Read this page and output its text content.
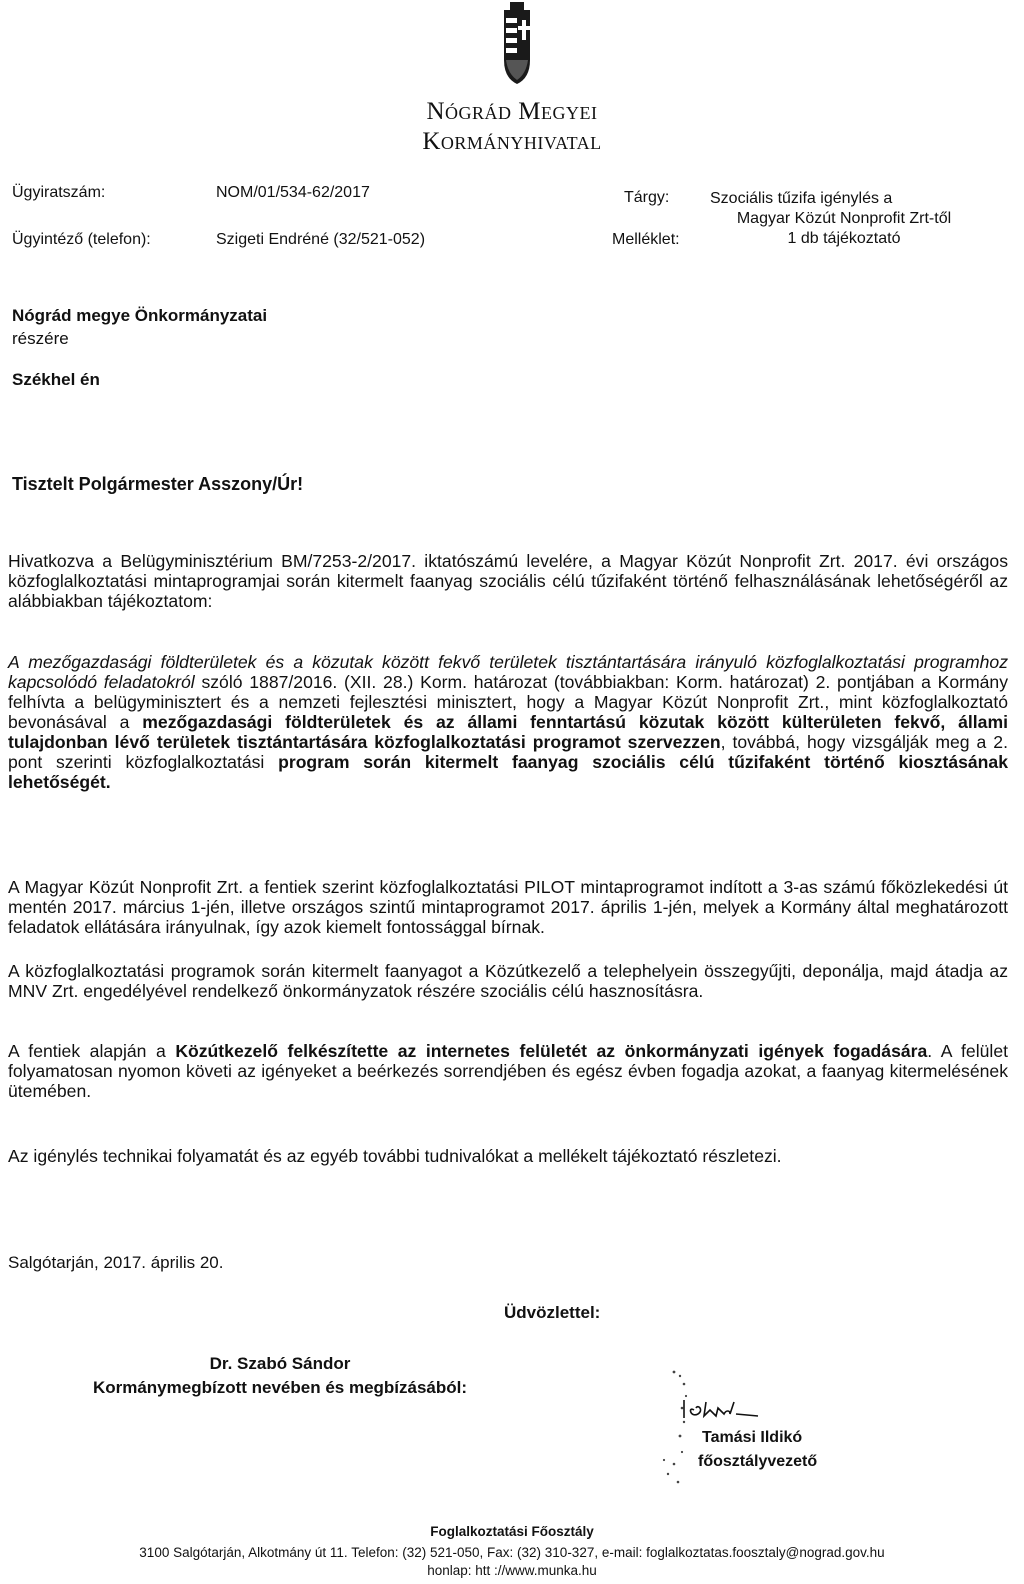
Nógrád Megyei
Kormányhivatal
Ügyiratszám:	NOM/01/534-62/2017
Ügyintéző (telefon):	Szigeti Endréné (32/521-052)
Tárgy:	Szociális tűzifa igénylés a
Magyar Közút Nonprofit Zrt-től
Melléklet:	1 db tájékoztató
Nógrád megye Önkormányzatai
részére
Székhel én
Tisztelt Polgármester Asszony/Úr!
Hivatkozva a Belügyminisztérium BM/7253-2/2017. iktatószámú levelére, a Magyar Közút Nonprofit Zrt. 2017. évi országos közfoglalkoztatási mintaprogramjai során kitermelt faanyag szociális célú tűzifaként történő felhasználásának lehetőségéről az alábbiakban tájékoztatom:
A mezőgazdasági földterületek és a közutak között fekvő területek tisztántartására irányuló közfoglalkoztatási programhoz kapcsolódó feladatokról szóló 1887/2016. (XII. 28.) Korm. határozat (továbbiakban: Korm. határozat) 2. pontjában a Kormány felhívta a belügyminisztert és a nemzeti fejlesztési minisztert, hogy a Magyar Közút Nonprofit Zrt., mint közfoglalkoztató bevonásával a mezőgazdasági földterületek és az állami fenntartású közutak között külterületen fekvő, állami tulajdonban lévő területek tisztántartására közfoglalkoztatási programot szervezzen, továbbá, hogy vizsgálják meg a 2. pont szerinti közfoglalkoztatási program során kitermelt faanyag szociális célú tűzifaként történő kiosztásának lehetőségét.
A Magyar Közút Nonprofit Zrt. a fentiek szerint közfoglalkoztatási PILOT mintaprogramot indított a 3-as számú főközlekedési út mentén 2017. március 1-jén, illetve országos szintű mintaprogramot 2017. április 1-jén, melyek a Kormány által meghatározott feladatok ellátására irányulnak, így azok kiemelt fontossággal bírnak.
A közfoglalkoztatási programok során kitermelt faanyagot a Közútkezelő a telephelyein összegyűjti, deponálja, majd átadja az MNV Zrt. engedélyével rendelkező önkormányzatok részére szociális célú hasznosításra.
A fentiek alapján a Közútkezelő felkészítette az internetes felületét az önkormányzati igények fogadására. A felület folyamatosan nyomon követi az igényeket a beérkezés sorrendjében és egész évben fogadja azokat, a faanyag kitermelésének ütemében.
Az igénylés technikai folyamatát és az egyéb további tudnivalókat a mellékelt tájékoztató részletezi.
Salgótarján, 2017. április 20.
Üdvözlettel:
Dr. Szabó Sándor
Kormánymegbízott nevében és megbízásából:
Tamási Ildikó
főosztályvezető
Foglalkoztatási Főosztály
3100 Salgótarján, Alkotmány út 11. Telefon: (32) 521-050, Fax: (32) 310-327, e-mail: foglalkoztatas.foosztaly@nograd.gov.hu
honlap: htt ://www.munka.hu
